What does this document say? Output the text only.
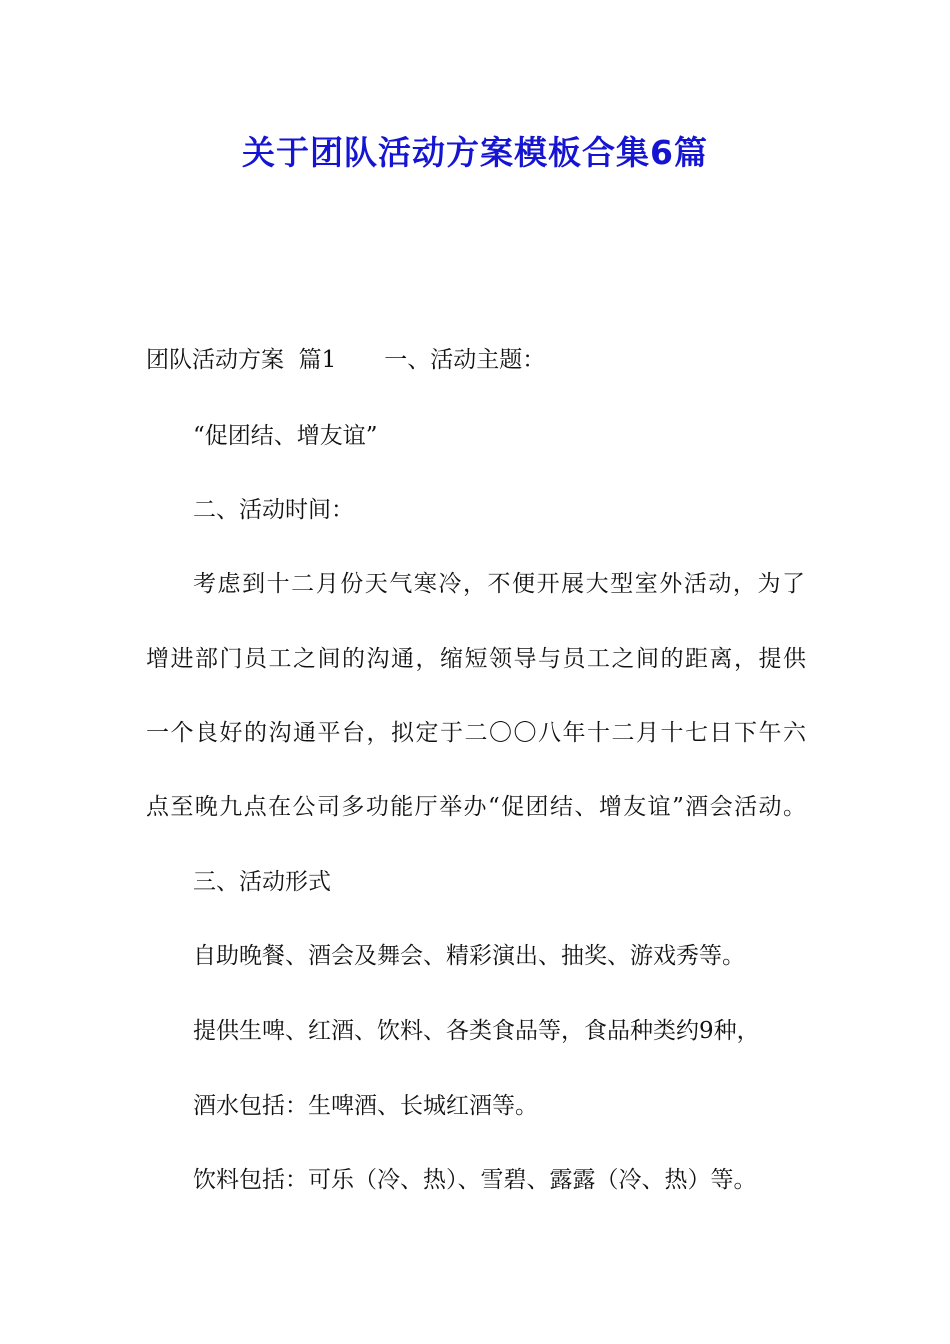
关于团队活动方案模板合集6篇

团队活动方案  篇1 一、活动主题：

“促团结、增友谊”

二、活动时间：

考虑到十二月份天气寒冷，不便开展大型室外活动，为了

增进部门员工之间的沟通，缩短领导与员工之间的距离，提供

一个良好的沟通平台，拟定于二〇〇八年十二月十七日下午六

点至晚九点在公司多功能厅举办“促团结、增友谊”酒会活动。

三、活动形式

自助晚餐、酒会及舞会、精彩演出、抽奖、游戏秀等。

提供生啤、红酒、饮料、各类食品等，食品种类约9种，

酒水包括：生啤酒、长城红酒等。

饮料包括：可乐（冷、热）、雪碧、露露（冷、热）等。
